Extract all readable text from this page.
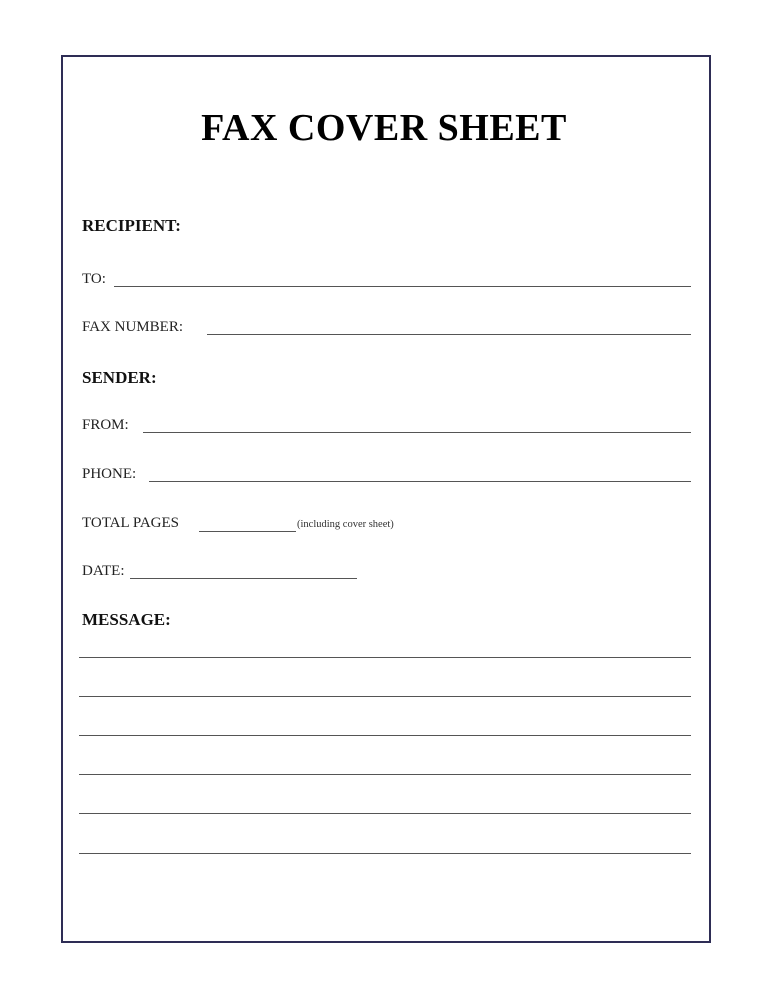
FAX COVER SHEET
RECIPIENT:
TO:
FAX NUMBER:
SENDER:
FROM:
PHONE:
TOTAL PAGES	(including cover sheet)
DATE:
MESSAGE:
